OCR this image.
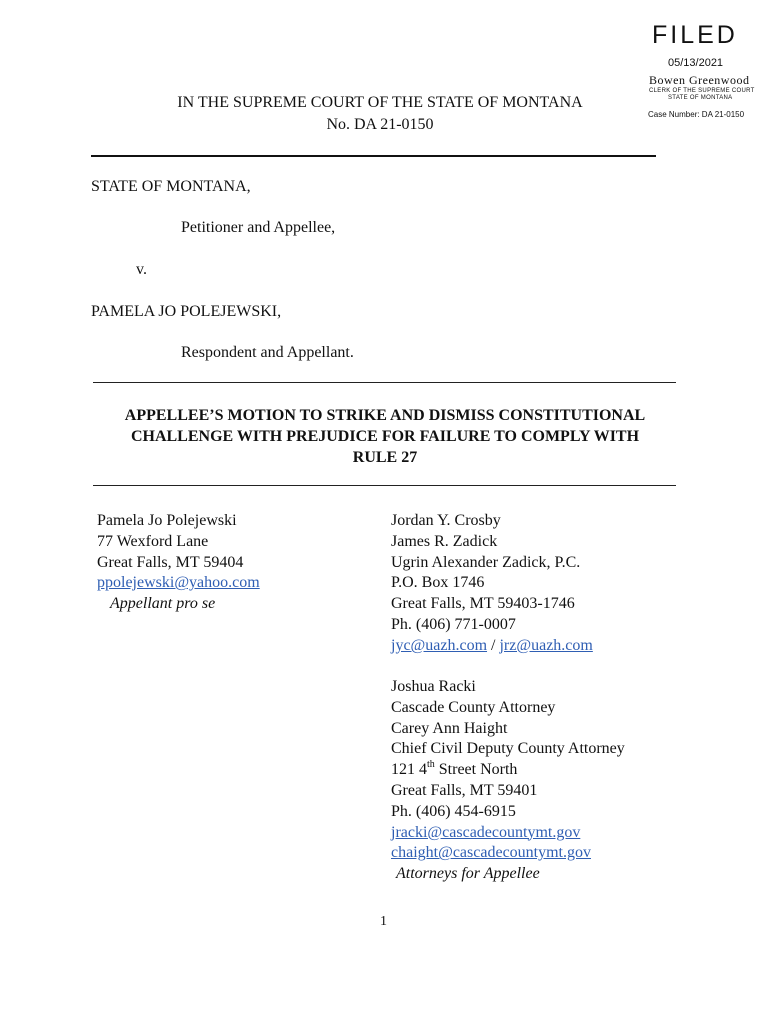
FILED
05/13/2021
Bowen Greenwood
CLERK OF THE SUPREME COURT
STATE OF MONTANA
Case Number: DA 21-0150
IN THE SUPREME COURT OF THE STATE OF MONTANA
No. DA 21-0150
STATE OF MONTANA,
Petitioner and Appellee,
v.
PAMELA JO POLEJEWSKI,
Respondent and Appellant.
APPELLEE’S MOTION TO STRIKE AND DISMISS CONSTITUTIONAL
CHALLENGE WITH PREJUDICE FOR FAILURE TO COMPLY WITH
RULE 27
Pamela Jo Polejewski
77 Wexford Lane
Great Falls, MT 59404
ppolejewski@yahoo.com
Appellant pro se
Jordan Y. Crosby
James R. Zadick
Ugrin Alexander Zadick, P.C.
P.O. Box 1746
Great Falls, MT 59403-1746
Ph. (406) 771-0007
jyc@uazh.com / jrz@uazh.com
Joshua Racki
Cascade County Attorney
Carey Ann Haight
Chief Civil Deputy County Attorney
121 4th Street North
Great Falls, MT 59401
Ph. (406) 454-6915
jracki@cascadecountymt.gov
chaight@cascadecountymt.gov
Attorneys for Appellee
1
